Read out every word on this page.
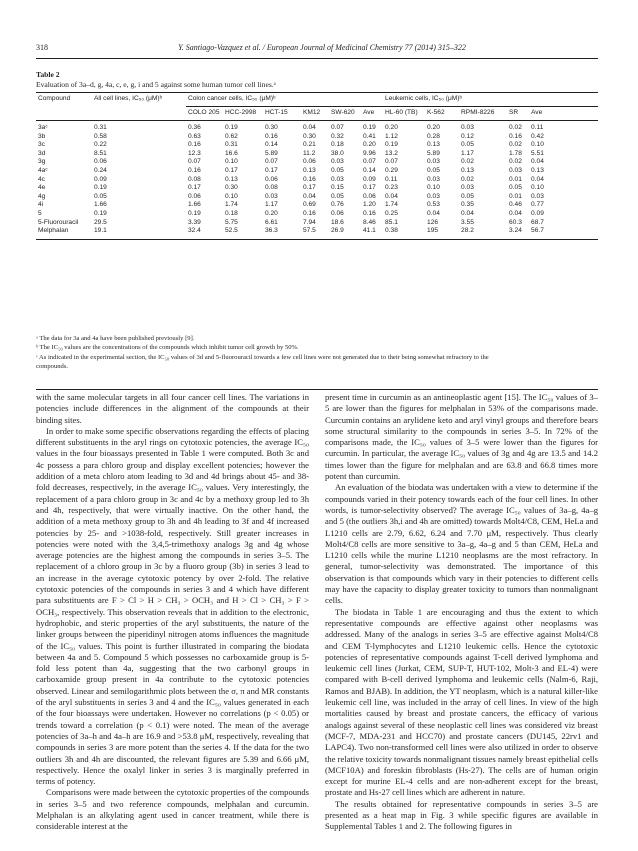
318	Y. Santiago-Vazquez et al. / European Journal of Medicinal Chemistry 77 (2014) 315–322
Table 2
Evaluation of 3a–d, g, 4a, c, e, g, i and 5 against some human tumor cell lines.ᵃ
Compound	All cell lines, IC₅₀ (μM)ᵇ	Colon cancer cells, IC₅₀ (μM)ᵇ						Leukemic cells, IC₅₀ (μM)ᵇ				
		COLO 205	HCC-2998	HCT-15	KM12	SW-620	Ave	HL-60 (TB)	K-562	RPMI-8226	SR	Ave
3aᶜ	0.31	0.36	0.19	0.30	0.04	0.07	0.19	0.20	0.20	0.03	0.02	0.11
3b	0.58	0.63	0.62	0.16	0.30	0.32	0.41	1.12	0.28	0.12	0.16	0.42
3c	0.22	0.16	0.31	0.14	0.21	0.18	0.20	0.19	0.13	0.05	0.02	0.10
3d	8.51	12.3	16.6	5.89	11.2	38.0	9.96	13.2	5.89	1.17	1.78	5.51
3g	0.06	0.07	0.10	0.07	0.06	0.03	0.07	0.07	0.03	0.02	0.02	0.04
4aᶜ	0.24	0.16	0.17	0.17	0.13	0.05	0.14	0.29	0.05	0.13	0.03	0.13
4c	0.09	0.08	0.13	0.06	0.16	0.03	0.09	0.11	0.03	0.02	0.01	0.04
4e	0.19	0.17	0.30	0.08	0.17	0.15	0.17	0.23	0.10	0.03	0.05	0.10
4g	0.05	0.06	0.10	0.03	0.04	0.05	0.06	0.04	0.03	0.05	0.01	0.03
4i	1.66	1.66	1.74	1.17	0.69	0.76	1.20	1.74	0.53	0.35	0.46	0.77
5	0.19	0.19	0.18	0.20	0.16	0.06	0.16	0.25	0.04	0.04	0.04	0.09
5-Fluorouracil	29.5	3.39	5.75	6.61	7.94	18.6	8.46	85.1	126	3.55	60.3	68.7
Melphalan	19.1	32.4	52.5	36.3	57.5	26.9	41.1	0.38	195	28.2	3.24	56.7
ᵃ The data for 3a and 4a have been published previously [9].
ᵇ The IC₅₀ values are the concentrations of the compounds which inhibit tumor cell growth by 50%.
ᶜ As indicated in the experimental section, the IC₅₀ values of 3d and 5-fluorouracil towards a few cell lines were not generated due to their being somewhat refractory to the
compounds.

with the same molecular targets in all four cancer cell lines. The variations in potencies include differences in the alignment of the compounds at their binding sites.

In order to make some specific observations regarding the effects of placing different substituents in the aryl rings on cytotoxic potencies, the average IC₅₀ values in the four bioassays presented in Table 1 were computed. Both 3c and 4c possess a para chloro group and display excellent potencies; however the addition of a meta chloro atom leading to 3d and 4d brings about 45- and 38-fold decreases, respectively, in the average IC₅₀ values. Very interestingly, the replacement of a para chloro group in 3c and 4c by a methoxy group led to 3h and 4h, respectively, that were virtually inactive. On the other hand, the addition of a meta methoxy group to 3h and 4h leading to 3f and 4f increased potencies by 25- and >1038-fold, respectively. Still greater increases in potencies were noted with the 3,4,5-trimethoxy analogs 3g and 4g whose average potencies are the highest among the compounds in series 3–5. The replacement of a chloro group in 3c by a fluoro group (3b) in series 3 lead to an increase in the average cytotoxic potency by over 2-fold. The relative cytotoxic potencies of the compounds in series 3 and 4 which have different para substituents are F > Cl > H > CH₃ > OCH₃ and H > Cl > CH₃ > F > OCH₃, respectively. This observation reveals that in addition to the electronic, hydrophobic, and steric properties of the aryl substituents, the nature of the linker groups between the piperidinyl nitrogen atoms influences the magnitude of the IC₅₀ values. This point is further illustrated in comparing the biodata between 4a and 5. Compound 5 which possesses no carboxamide group is 5-fold less potent than 4a, suggesting that the two carbonyl groups in carboxamide group present in 4a contribute to the cytotoxic potencies observed. Linear and semilogarithmic plots between the σ, π and MR constants of the aryl substituents in series 3 and 4 and the IC₅₀ values generated in each of the four bioassays were undertaken. However no correlations (p < 0.05) or trends toward a correlation (p < 0.1) were noted. The mean of the average potencies of 3a–h and 4a–h are 16.9 and >53.8 μM, respectively, revealing that compounds in series 3 are more potent than the series 4. If the data for the two outliers 3h and 4h are discounted, the relevant figures are 5.39 and 6.66 μM, respectively. Hence the oxalyl linker in series 3 is marginally preferred in terms of potency.

Comparisons were made between the cytotoxic properties of the compounds in series 3–5 and two reference compounds, melphalan and curcumin. Melphalan is an alkylating agent used in cancer treatment, while there is considerable interest at the

present time in curcumin as an antineoplastic agent [15]. The IC₅₀ values of 3–5 are lower than the figures for melphalan in 53% of the comparisons made. Curcumin contains an arylidene keto and aryl vinyl groups and therefore bears some structural similarity to the compounds in series 3–5. In 72% of the comparisons made, the IC₅₀ values of 3–5 were lower than the figures for curcumin. In particular, the average IC₅₀ values of 3g and 4g are 13.5 and 14.2 times lower than the figure for melphalan and are 63.8 and 66.8 times more potent than curcumin.

An evaluation of the biodata was undertaken with a view to determine if the compounds varied in their potency towards each of the four cell lines. In other words, is tumor-selectivity observed? The average IC₅₀ values of 3a–g, 4a–g and 5 (the outliers 3h,i and 4h are omitted) towards Molt4/C8, CEM, HeLa and L1210 cells are 2.79, 6.62, 6.24 and 7.70 μM, respectively. Thus clearly Molt4/C8 cells are more sensitive to 3a–g, 4a–g and 5 than CEM, HeLa and L1210 cells while the murine L1210 neoplasms are the most refractory. In general, tumor-selectivity was demonstrated. The importance of this observation is that compounds which vary in their potencies to different cells may have the capacity to display greater toxicity to tumors than nonmalignant cells.

The biodata in Table 1 are encouraging and thus the extent to which representative compounds are effective against other neoplasms was addressed. Many of the analogs in series 3–5 are effective against Molt4/C8 and CEM T-lymphocytes and L1210 leukemic cells. Hence the cytotoxic potencies of representative compounds against T-cell derived lymphoma and leukemic cell lines (Jurkat, CEM, SUP-T, HUT-102, Molt-3 and EL-4) were compared with B-cell derived lymphoma and leukemic cells (Nalm-6, Raji, Ramos and BJAB). In addition, the YT neoplasm, which is a natural killer-like leukemic cell line, was included in the array of cell lines. In view of the high mortalities caused by breast and prostate cancers, the efficacy of various analogs against several of these neoplastic cell lines was considered viz breast (MCF-7, MDA-231 and HCC70) and prostate cancers (DU145, 22rv1 and LAPC4). Two non-transformed cell lines were also utilized in order to observe the relative toxicity towards nonmalignant tissues namely breast epithelial cells (MCF10A) and foreskin fibroblasts (Hs-27). The cells are of human origin except for murine EL-4 cells and are non-adherent except for the breast, prostate and Hs-27 cell lines which are adherent in nature.

The results obtained for representative compounds in series 3–5 are presented as a heat map in Fig. 3 while specific figures are available in Supplemental Tables 1 and 2. The following figures in
